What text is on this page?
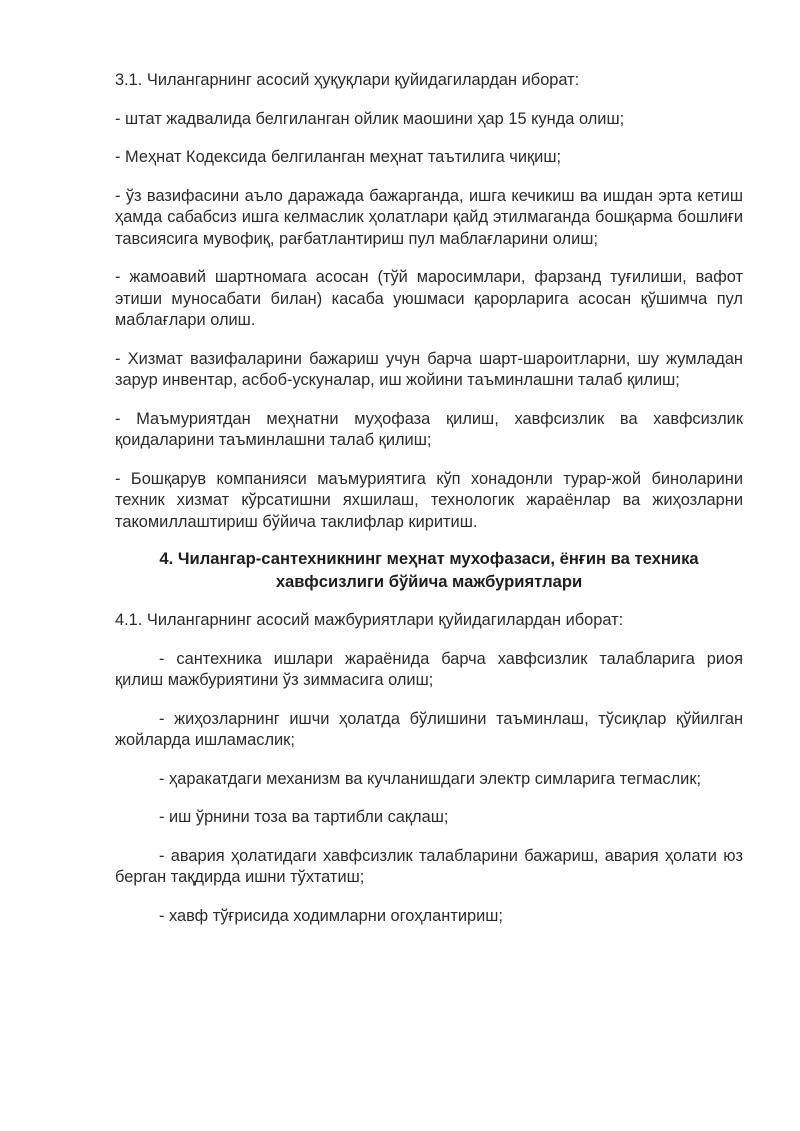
3.1. Чилангарнинг асосий ҳуқуқлари қуйидагилардан иборат:

- штат жадвалида белгиланган ойлик маошини ҳар 15 кунда олиш;

- Меҳнат Кодексида белгиланган меҳнат таътилига чиқиш;

- ўз вазифасини аъло даражада бажарганда, ишга кечикиш ва ишдан эрта кетиш ҳамда сабабсиз ишга келмаслик ҳолатлари қайд этилмаганда бошқарма бошлиғи тавсиясига мувофиқ, рағбатлантириш пул маблағларини олиш;

- жамоавий шартномага асосан (тўй маросимлари, фарзанд туғилиши, вафот этиши муносабати билан) касаба уюшмаси қарорларига асосан қўшимча пул маблағлари олиш.

- Хизмат вазифаларини бажариш учун барча шарт-шароитларни, шу жумладан зарур инвентар, асбоб-ускуналар, иш жойини таъминлашни талаб қилиш;

- Маъмуриятдан меҳнатни муҳофаза қилиш, хавфсизлик ва хавфсизлик қоидаларини таъминлашни талаб қилиш;

- Бошқарув компанияси маъмуриятига кўп хонадонли турар-жой биноларини техник хизмат кўрсатишни яхшилаш, технологик жараёнлар ва жиҳозларни такомиллаштириш бўйича таклифлар киритиш.

4. Чилангар-сантехникнинг меҳнат мухофазаси, ёнғин ва техника

хавфсизлиги бўйича мажбуриятлари

4.1. Чилангарнинг асосий мажбуриятлари қуйидагилардан иборат:

- сантехника ишлари жараёнида барча хавфсизлик талабларига риоя қилиш мажбуриятини ўз зиммасига олиш;

- жиҳозларнинг ишчи ҳолатда бўлишини таъминлаш, тўсиқлар қўйилган жойларда ишламаслик;

- ҳаракатдаги механизм ва кучланишдаги электр симларига тегмаслик;

- иш ўрнини тоза ва тартибли сақлаш;

- авария ҳолатидаги хавфсизлик талабларини бажариш, авария ҳолати юз берган тақдирда ишни тўхтатиш;

- хавф тўғрисида ходимларни огоҳлантириш;
